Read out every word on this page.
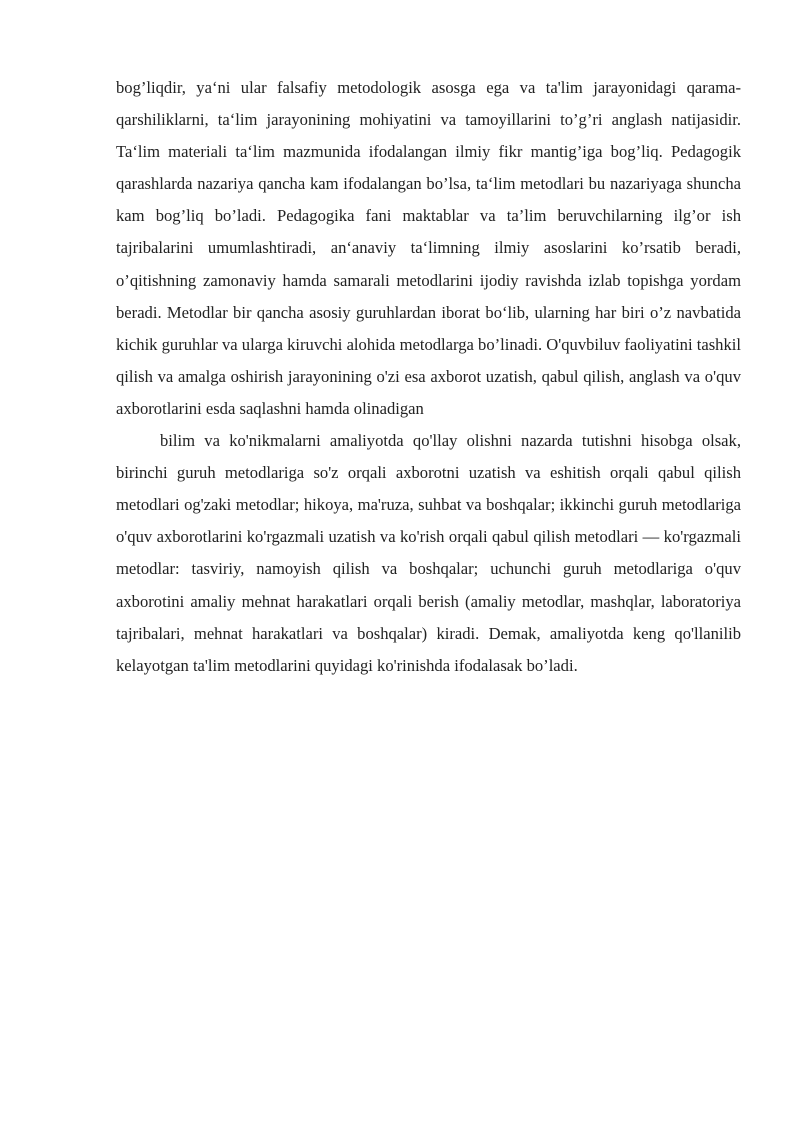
bog’liqdir, ya‘ni ular falsafiy metodologik asosga ega va ta'lim jarayonidagi qarama-qarshiliklarni, ta‘lim jarayonining mohiyatini va tamoyillarini to’g’ri anglash natijasidir. Ta‘lim materiali ta‘lim mazmunida ifodalangan ilmiy fikr mantig’iga bog’liq. Pedagogik qarashlarda nazariya qancha kam ifodalangan bo’lsa, ta‘lim metodlari bu nazariyaga shuncha kam bog’liq bo’ladi. Pedagogika fani maktablar va ta’lim beruvchilarning ilg’or ish tajribalarini umumlashtiradi, an‘anaviy ta‘limning ilmiy asoslarini ko’rsatib beradi, o’qitishning zamonaviy hamda samarali metodlarini ijodiy ravishda izlab topishga yordam beradi. Metodlar bir qancha asosiy guruhlardan iborat bo‘lib, ularning har biri o’z navbatida kichik guruhlar va ularga kiruvchi alohida metodlarga bo’linadi. O'quvbiluv faoliyatini tashkil qilish va amalga oshirish jarayonining o'zi esa axborot uzatish, qabul qilish, anglash va o'quv axborotlarini esda saqlashni hamda olinadigan

bilim va ko'nikmalarni amaliyotda qo'llay olishni nazarda tutishni hisobga olsak, birinchi guruh metodlariga so'z orqali axborotni uzatish va eshitish orqali qabul qilish metodlari og'zaki metodlar; hikoya, ma'ruza, suhbat va boshqalar; ikkinchi guruh metodlariga o'quv axborotlarini ko'rgazmali uzatish va ko'rish orqali qabul qilish metodlari — ko'rgazmali metodlar: tasviriy, namoyish qilish va boshqalar; uchunchi guruh metodlariga o'quv axborotini amaliy mehnat harakatlari orqali berish (amaliy metodlar, mashqlar, laboratoriya tajribalari, mehnat harakatlari va boshqalar) kiradi. Demak, amaliyotda keng qo'llanilib kelayotgan ta'lim metodlarini quyidagi ko'rinishda ifodalasak bo’ladi.
